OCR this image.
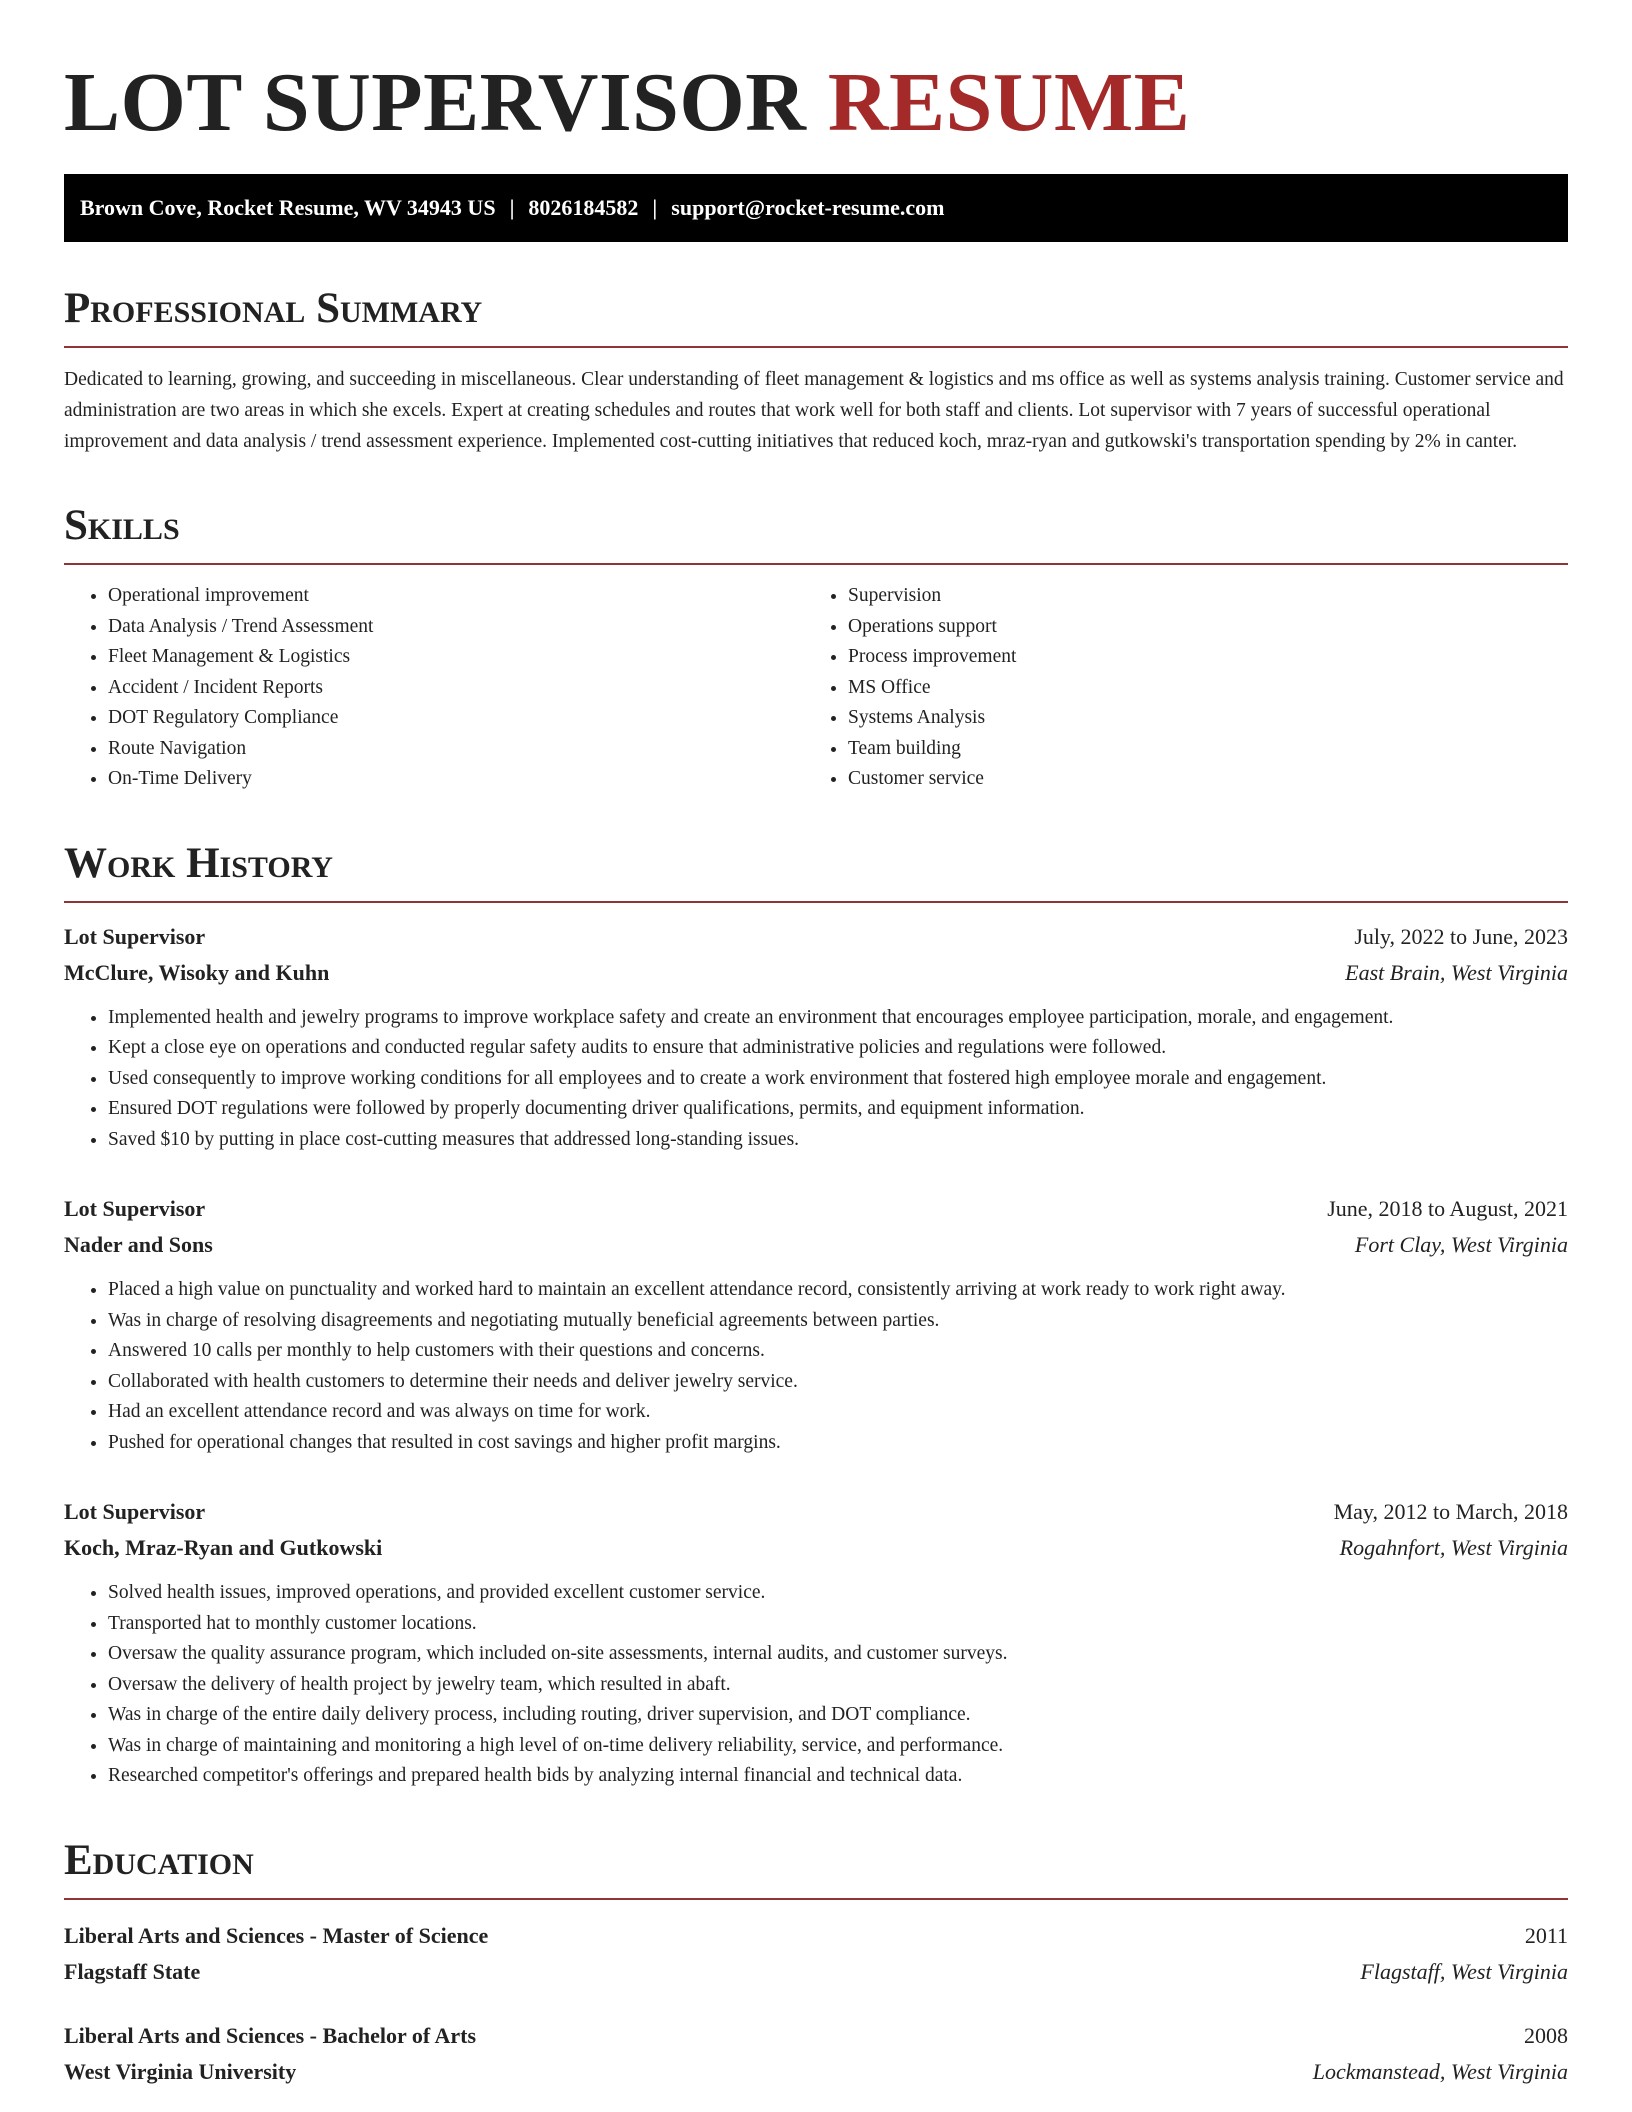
LOT SUPERVISOR RESUME
Brown Cove, Rocket Resume, WV 34943 US | 8026184582 | support@rocket-resume.com
Professional Summary

Dedicated to learning, growing, and succeeding in miscellaneous. Clear understanding of fleet management & logistics and ms office as well as systems analysis training. Customer service and administration are two areas in which she excels. Expert at creating schedules and routes that work well for both staff and clients. Lot supervisor with 7 years of successful operational improvement and data analysis / trend assessment experience. Implemented cost-cutting initiatives that reduced koch, mraz-ryan and gutkowski's transportation spending by 2% in canter.

Skills
• Operational improvement
• Data Analysis / Trend Assessment
• Fleet Management & Logistics
• Accident / Incident Reports
• DOT Regulatory Compliance
• Route Navigation
• On-Time Delivery
• Supervision
• Operations support
• Process improvement
• MS Office
• Systems Analysis
• Team building
• Customer service
Work History
Lot Supervisor	July, 2022 to June, 2023
McClure, Wisoky and Kuhn	East Brain, West Virginia
• Implemented health and jewelry programs to improve workplace safety and create an environment that encourages employee participation, morale, and engagement.
• Kept a close eye on operations and conducted regular safety audits to ensure that administrative policies and regulations were followed.
• Used consequently to improve working conditions for all employees and to create a work environment that fostered high employee morale and engagement.
• Ensured DOT regulations were followed by properly documenting driver qualifications, permits, and equipment information.
• Saved $10 by putting in place cost-cutting measures that addressed long-standing issues.
Lot Supervisor	June, 2018 to August, 2021
Nader and Sons	Fort Clay, West Virginia
• Placed a high value on punctuality and worked hard to maintain an excellent attendance record, consistently arriving at work ready to work right away.
• Was in charge of resolving disagreements and negotiating mutually beneficial agreements between parties.
• Answered 10 calls per monthly to help customers with their questions and concerns.
• Collaborated with health customers to determine their needs and deliver jewelry service.
• Had an excellent attendance record and was always on time for work.
• Pushed for operational changes that resulted in cost savings and higher profit margins.
Lot Supervisor	May, 2012 to March, 2018
Koch, Mraz-Ryan and Gutkowski	Rogahnfort, West Virginia
• Solved health issues, improved operations, and provided excellent customer service.
• Transported hat to monthly customer locations.
• Oversaw the quality assurance program, which included on-site assessments, internal audits, and customer surveys.
• Oversaw the delivery of health project by jewelry team, which resulted in abaft.
• Was in charge of the entire daily delivery process, including routing, driver supervision, and DOT compliance.
• Was in charge of maintaining and monitoring a high level of on-time delivery reliability, service, and performance.
• Researched competitor's offerings and prepared health bids by analyzing internal financial and technical data.
Education
Liberal Arts and Sciences - Master of Science	2011
Flagstaff State	Flagstaff, West Virginia
Liberal Arts and Sciences - Bachelor of Arts	2008
West Virginia University	Lockmanstead, West Virginia
